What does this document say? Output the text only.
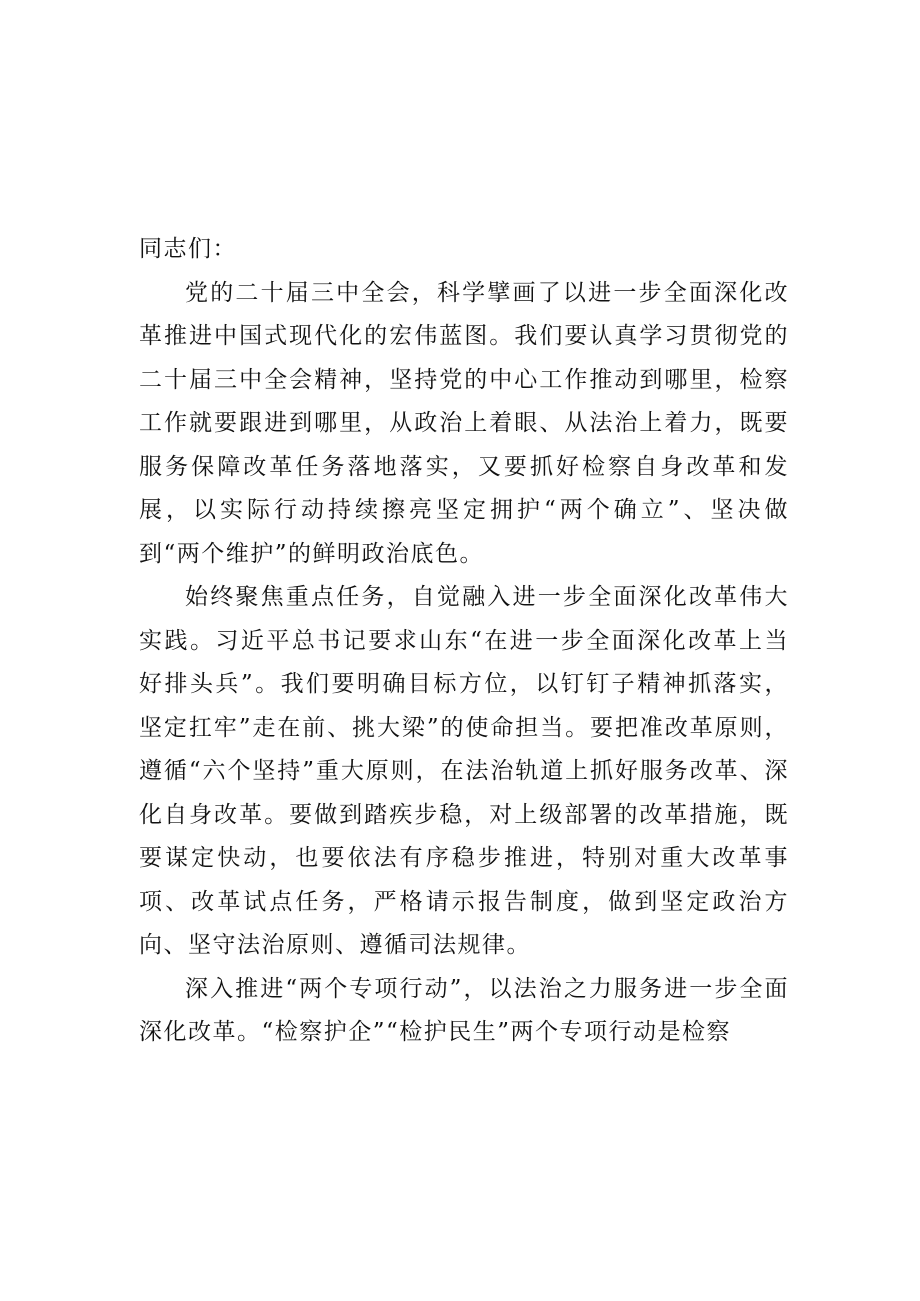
同志们：

党的二十届三中全会，科学擘画了以进一步全面深化改革推进中国式现代化的宏伟蓝图。我们要认真学习贯彻党的二十届三中全会精神，坚持党的中心工作推动到哪里，检察工作就要跟进到哪里，从政治上着眼、从法治上着力，既要服务保障改革任务落地落实，又要抓好检察自身改革和发展，以实际行动持续擦亮坚定拥护“两个确立”、坚决做到“两个维护”的鲜明政治底色。

始终聚焦重点任务，自觉融入进一步全面深化改革伟大实践。习近平总书记要求山东“在进一步全面深化改革上当好排头兵”。我们要明确目标方位，以钉钉子精神抓落实，坚定扛牢”走在前、挑大梁”的使命担当。要把准改革原则，遵循“六个坚持”重大原则，在法治轨道上抓好服务改革、深化自身改革。要做到踏疾步稳，对上级部署的改革措施，既要谋定快动，也要依法有序稳步推进，特别对重大改革事项、改革试点任务，严格请示报告制度，做到坚定政治方向、坚守法治原则、遵循司法规律。

深入推进“两个专项行动”，以法治之力服务进一步全面深化改革。“检察护企”“检护民生”两个专项行动是检察
